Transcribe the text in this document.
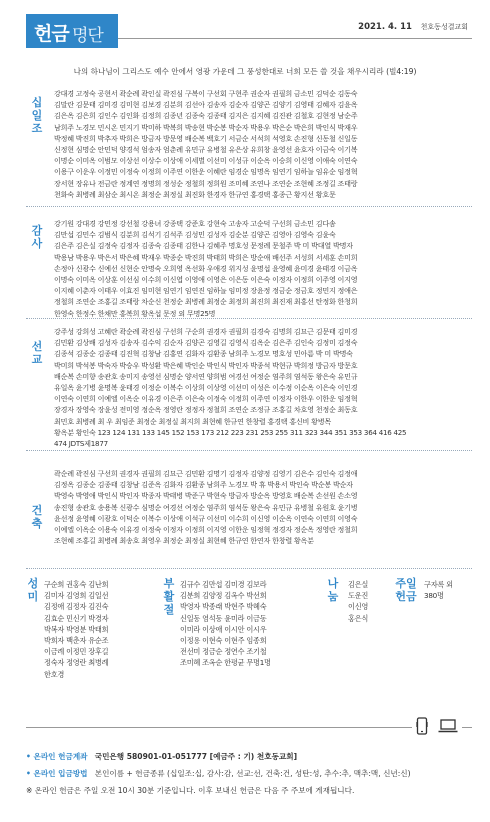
헌금 명단	2021. 4. 11 천호동성결교회
나의 하나님이 그리스도 예수 안에서 영광 가운데 그 풍성한대로 너희 모든 쓸 것을 채우시리라 (빌4:19)
십
일
조

강대경 고정숙 공현서 곽순례 곽인실 곽진심 구복이 구선회 구현주 권순자 권필희 금소민 김덕순 김동숙

김말란 김문태 김미경 김미현 김보경 김분희 김선아 김송자 김순자 김양곤 김양기 김영태 김혜자 김윤옥

김은옥 김은희 김인수 김인화 김정희 김종년 김종숙 김종태 김지은 김지혜 김진관 김철호 김현정 남순주

남희주 노경모 민시온 민지기 박미하 박복희 박송현 박순봉 박순자 박용우 박은순 박은희 박인식 박재우

박정혜 박진희 박추자 박희은 방금자 방문영 배순복 백호기 서금순 서석희 석영호 손진형 신동철 신일동

신정현 심명순 안민덕 양경석 엄송자 엄춘례 유민규 유병철 유은상 유희창 윤영선 윤호자 이금숙 이기복

이명순 이미옥 이범모 이상선 이상수 이상애 이세별 이선미 이성규 이순옥 이승희 이신영 이애숙 이연숙

이용구 이운우 이정민 이정숙 이정희 이주연 이한운 이혜란 임경순 임명옥 임연기 임하늘 임유순 임정혁

장서현 장유나 전금란 정계연 정명희 정성순 정철희 정희원 조미혜 조연나 조연순 조현혜 조정길 조태랑

천화숙 최병례 최삼순 최시온 최정순 최정실 최진화 한경자 한규연 홍경택 홍종근 황지선 황호문

감
사

강기원 강대경 강민정 강선철 강용녀 강종택 강준호 강현숙 고송자 고순덕 구선희 금소민 김다솜

김만섭 김민수 김범식 김분희 김석기 김석주 김성민 김성자 김순분 김양곤 김영아 김영숙 김윤숙

김은주 김은실 김정숙 김정자 김종숙 김종태 김한나 김혜주 명호성 문정례 문철주 박 미 박대열 박명자

박용남 박용우 박은서 박은혜 박재우 박종순 박진희 박태희 박희은 방순애 배선주 서성희 서세훈 손미희

손정아 신광수 신예선 신현순 안명숙 오희영 옥선화 우애경 위지성 윤명섭 윤영혜 윤미경 윤태경 이금옥

이명숙 이미옥 이상훈 이선심 이수희 이신엽 이영애 이영은 이은동 이은숙 이정자 이정희 이주영 이지영

이지혜 이춘자 이태우 이효진 임미현 임연기 임연진 임하늘 임미정 장윤정 정금순 정금호 정민지 정애은

정철희 조연순 조홍길 조태랑 차순신 천정순 최병례 최정순 최정희 최진희 최진재 최홍선 탄정화 한청희

한영숙 한정수 한채만 홍복희 황옥섭 문정 외 무명25명

선
교

강주성 강희성 고혜란 곽순례 곽진심 구선희 구순희 권경자 권필희 김경숙 김명희 김묘근 김문태 김미경

김민환 김상배 김성자 김송자 김수익 김순자 김양곤 김영길 김영식 김옥순 김은주 김인숙 김정미 김정숙

김종석 김종순 김종태 김진혁 김창남 김홍연 김화자 김환종 남희주 노경모 명호성 민아름 박 미 박명숙

박미희 박석봉 박숙자 박승우 박성환 박은혜 박인순 박인식 박인자 박종석 박현규 박희정 방금자 방문호

배순복 손미향 송관호 송미지 송영선 심명순 양서연 양희범 여경선 여정순 염주희 염석동 왕은숙 유민규

유일옥 윤기병 윤명복 윤태경 이정순 이복수 이상희 이상영 이선미 이성은 이수정 이순옥 이은숙 이인경

이연숙 이연희 이예엘 이옥순 이유경 이은주 이은숙 이정숙 이정희 이주연 이정자 이한우 이한운 임정혁

장경자 장영숙 장윤성 전미영 정순옥 정영란 정정자 정철희 조연순 조정규 조홍길 차호영 천정순 최동호

최민호 최병례 최 우 최임준 최정순 최정실 최지희 최현혜 한규연 한창렬 홍경택 홍신비 황병목

황옥분 황인숙 123 124 131 133 145 152 153 173 212 223 231 253 255 311 323 344 351 353 364 416 425

474 JDTS제1877

건
축

곽순례 곽진심 구선희 권경자 권필희 김묘근 김민환 김명기 김정자 김양정 김영기 김은수 김인숙 김정애

김정옥 김종순 김종태 김창남 김준옥 김화자 김환종 남희주 노경모 박 휴 박용서 박인숙 박순봉 박순자

박영숙 박영애 박인식 박인자 박종자 박태병 박준구 박현숙 방금자 방순옥 방영호 배순복 손선원 손소영

송진형 송관호 송용복 신광수 심명순 여경선 여정순 염주희 염석동 왕은숙 유민규 유병철 유원호 윤기병

윤선정 윤영혜 이광호 이덕순 이복수 이상애 이석규 이선미 이수희 이신영 이순옥 이연숙 이연희 이영숙

이예엘 이옥순 이용숙 이유경 이정숙 이정자 이정희 이지영 이한운 임정혁 정경자 정순옥 정영란 정철희

조현혜 조홍길 최병례 최송호 최영우 최정순 최정실 최현혜 한규연 한연자 한창렬 황옥분

성
미
구순희 권홍숙 김난희
김미자 김영희 김일선
김정애 김정자 김진숙
김효순 민신기 박경자
박복자 박영분 박태희
박희자 백춘자 유순조
이금례 이정민 장후길
정숙자 정영란 최병례
한호경
부
활
절
김규수 김만섭 김미경 김보라
김분희 김양정 김옥수 박선희
박영자 박종래 박현주 박혜숙
신일동 염석동 윤미라 이금동
이미라 이상애 이시안 이시우
이정용 이현숙 이현주 임종희
전선미 정금순 정연수 조기철
조미혜 조옥순 한평균 무명1명
나
눔
김은실
도운진
이신영
홍은식
주일
헌금
구자록 외
380명
• 온라인 헌금계좌 국민은행 580901-01-051777 [예금주 : 기) 천호동교회]
• 온라인 입금방법 본인이름 + 헌금종류 (십일조:십, 감사:감, 선교:선, 건축:건, 성탄:성, 추수:추, 맥추:맥, 신년:신)
※ 온라인 헌금은 주일 오전 10시 30분 기준입니다. 이후 보내신 헌금은 다음 주 주보에 게재됩니다.
